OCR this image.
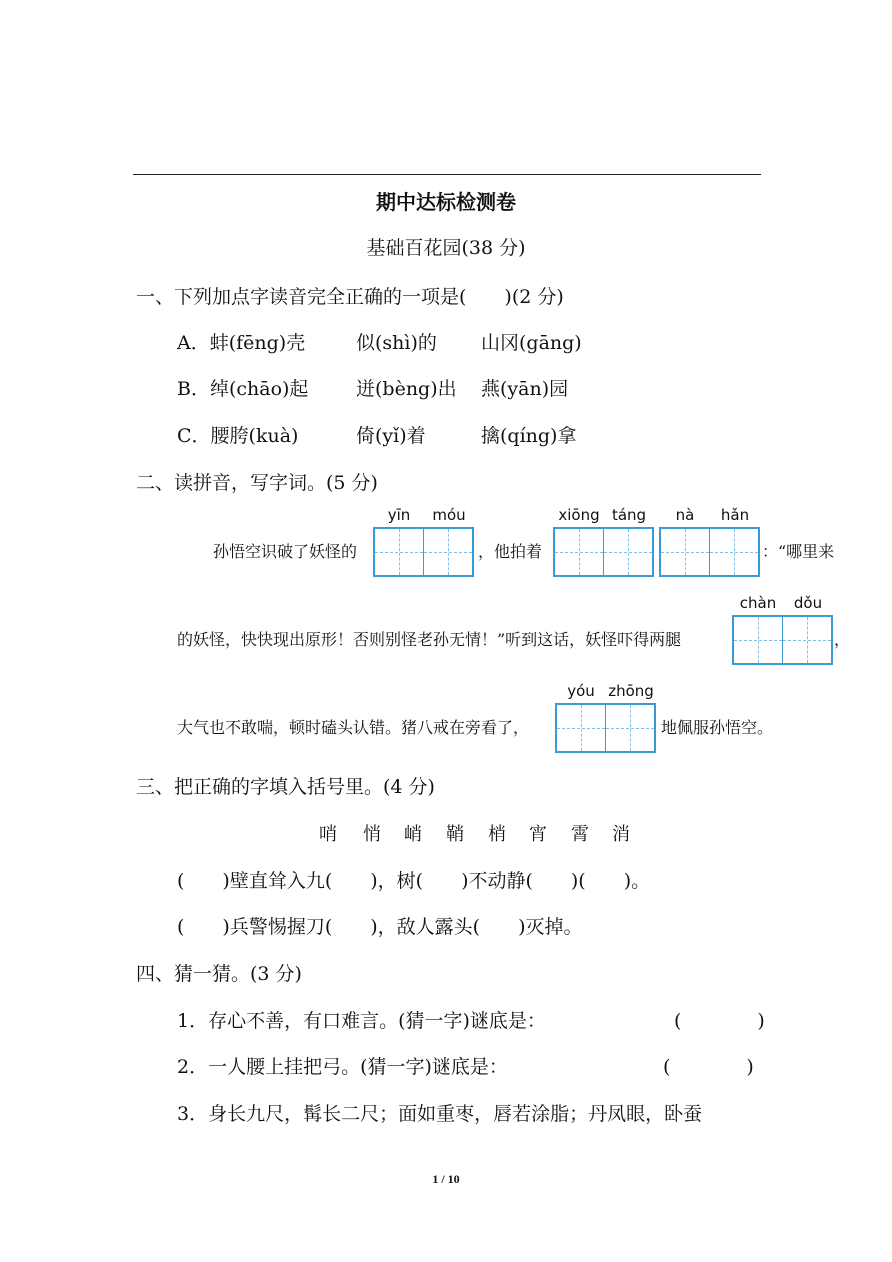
期中达标检测卷
基础百花园(38 分)
一、下列加点字读音完全正确的一项是(　　)(2 分)
A．蚌(fēng)壳	似(shì)的 山冈(gāng)
B．绰(chāo)起	迸(bèng)出 燕(yān)园
C．腰胯(kuà)	倚(yǐ)着	擒(qíng)拿
二、读拼音，写字词。(5 分)
yīn	móu	xiōng táng	nà	hǎn
孙悟空识破了妖怪的	，他拍着	：“哪里来
chàn	dǒu
的妖怪，快快现出原形！否则别怪老孙无情！”听到这话，妖怪吓得两腿	，
yóu zhōng
大气也不敢喘，顿时磕头认错。猪八戒在旁看了，	地佩服孙悟空。
三、把正确的字填入括号里。(4 分)
哨 悄 峭 鞘 梢 宵 霄 消
(　　)壁直耸入九(　　)，树(　　)不动静(　　)(　　)。
(　　)兵警惕握刀(　　)，敌人露头(　　)灭掉。
四、猜一猜。(3 分)
1．存心不善，有口难言。(猜一字)谜底是：	(　　　　)
2．一人腰上挂把弓。(猜一字)谜底是：	(　　　　)
3．身长九尺，髯长二尺；面如重枣，唇若涂脂；丹凤眼，卧蚕
1 / 10
